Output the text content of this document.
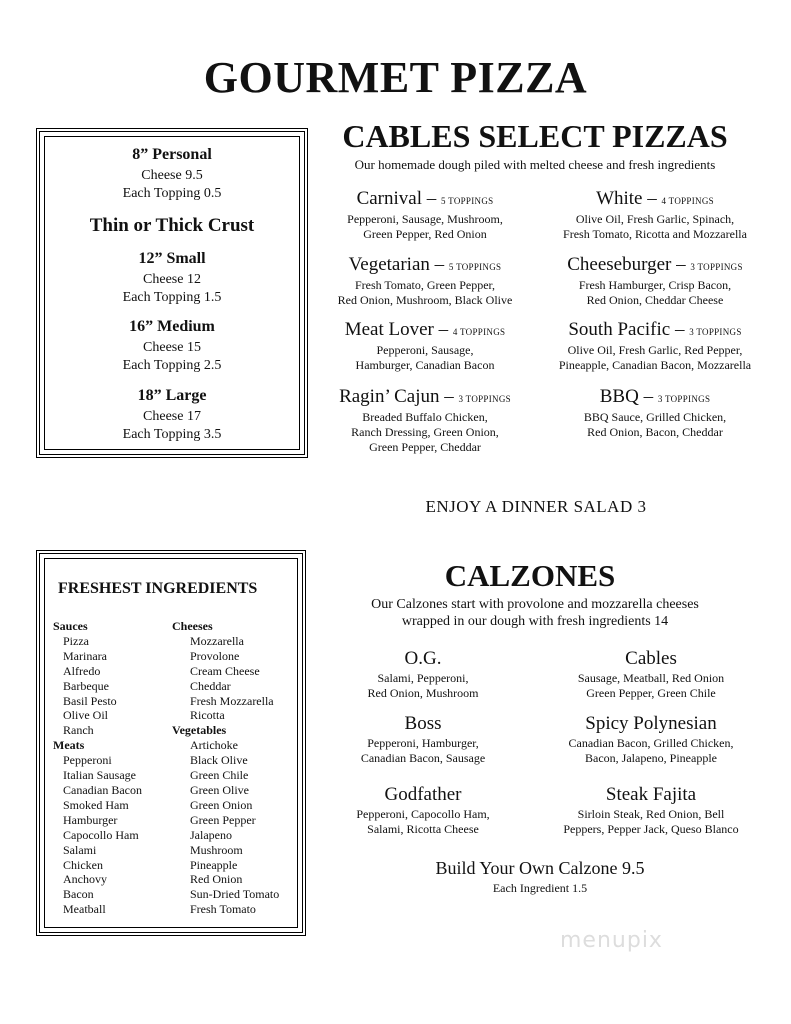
GOURMET PIZZA
8” Personal
Cheese 9.5
Each Topping 0.5
Thin or Thick Crust
12” Small
Cheese 12
Each Topping 1.5
16” Medium
Cheese 15
Each Topping 2.5
18” Large
Cheese 17
Each Topping 3.5
CABLES SELECT PIZZAS
Our homemade dough piled with melted cheese and fresh ingredients
Carnival – 5 TOPPINGS
Pepperoni, Sausage, Mushroom,
Green Pepper, Red Onion
White – 4 TOPPINGS
Olive Oil, Fresh Garlic, Spinach,
Fresh Tomato, Ricotta and Mozzarella
Vegetarian – 5 TOPPINGS
Fresh Tomato, Green Pepper,
Red Onion, Mushroom, Black Olive
Cheeseburger – 3 TOPPINGS
Fresh Hamburger, Crisp Bacon,
Red Onion, Cheddar Cheese
Meat Lover – 4 TOPPINGS
Pepperoni, Sausage,
Hamburger, Canadian Bacon
South Pacific – 3 TOPPINGS
Olive Oil, Fresh Garlic, Red Pepper,
Pineapple, Canadian Bacon, Mozzarella
Ragin’ Cajun – 3 TOPPINGS
Breaded Buffalo Chicken,
Ranch Dressing, Green Onion,
Green Pepper, Cheddar
BBQ – 3 TOPPINGS
BBQ Sauce, Grilled Chicken,
Red Onion, Bacon, Cheddar
ENJOY A DINNER SALAD 3
FRESHEST INGREDIENTS
Sauces
Pizza
Marinara
Alfredo
Barbeque
Basil Pesto
Olive Oil
Ranch
Meats
Pepperoni
Italian Sausage
Canadian Bacon
Smoked Ham
Hamburger
Capocollo Ham
Salami
Chicken
Anchovy
Bacon
Meatball
Cheeses
Mozzarella
Provolone
Cream Cheese
Cheddar
Fresh Mozzarella
Ricotta
Vegetables
Artichoke
Black Olive
Green Chile
Green Olive
Green Onion
Green Pepper
Jalapeno
Mushroom
Pineapple
Red Onion
Sun-Dried Tomato
Fresh Tomato
CALZONES
Our Calzones start with provolone and mozzarella cheeses
wrapped in our dough with fresh ingredients 14
O.G.
Salami, Pepperoni,
Red Onion, Mushroom
Cables
Sausage, Meatball, Red Onion
Green Pepper, Green Chile
Boss
Pepperoni, Hamburger,
Canadian Bacon, Sausage
Spicy Polynesian
Canadian Bacon, Grilled Chicken,
Bacon, Jalapeno, Pineapple
Godfather
Pepperoni, Capocollo Ham,
Salami, Ricotta Cheese
Steak Fajita
Sirloin Steak, Red Onion, Bell
Peppers, Pepper Jack, Queso Blanco
Build Your Own Calzone 9.5
Each Ingredient 1.5
menupix
